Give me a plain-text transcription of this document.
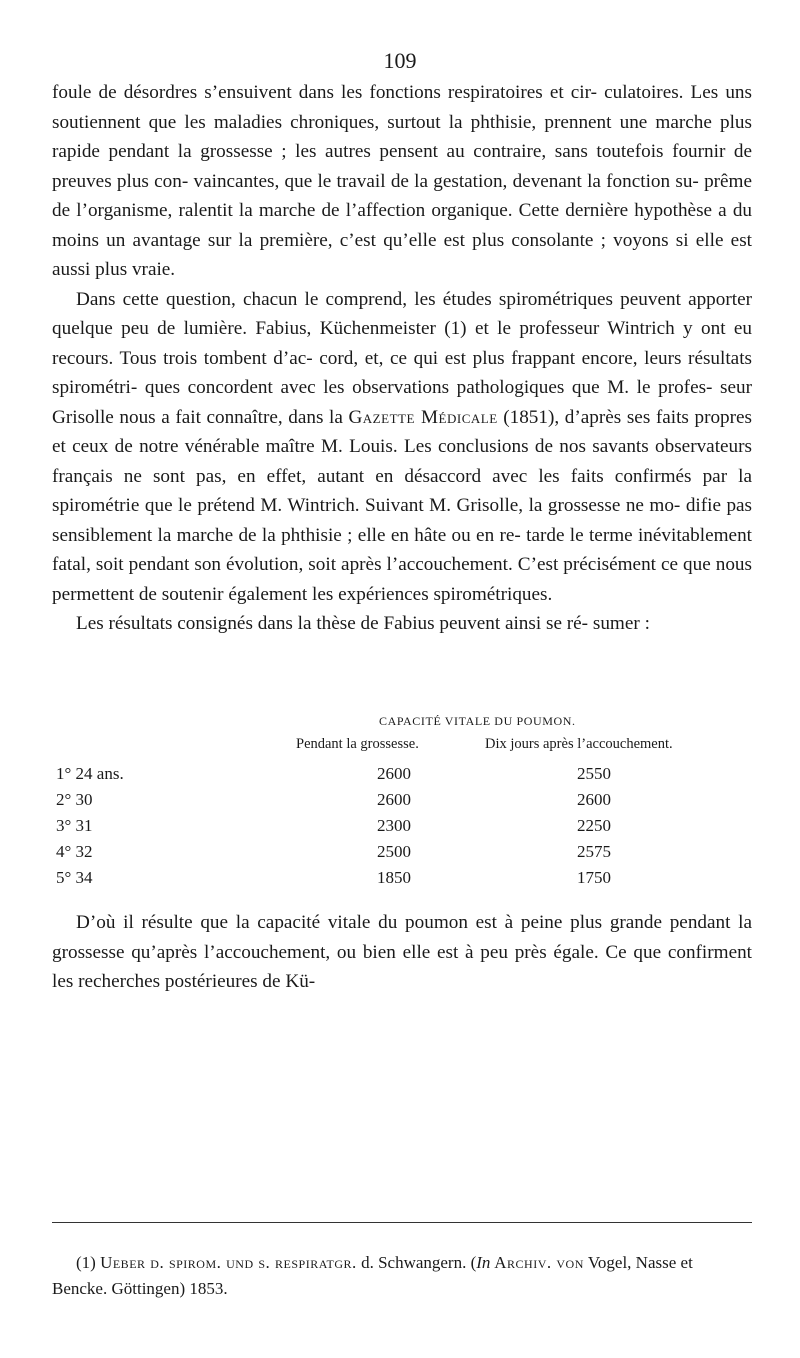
109

foule de désordres s’ensuivent dans les fonctions respiratoires et cir- culatoires. Les uns soutiennent que les maladies chroniques, surtout la phthisie, prennent une marche plus rapide pendant la grossesse ; les autres pensent au contraire, sans toutefois fournir de preuves plus con- vaincantes, que le travail de la gestation, devenant la fonction su- prême de l’organisme, ralentit la marche de l’affection organique. Cette dernière hypothèse a du moins un avantage sur la première, c’est qu’elle est plus consolante ; voyons si elle est aussi plus vraie.

Dans cette question, chacun le comprend, les études spirométriques peuvent apporter quelque peu de lumière. Fabius, Küchenmeister (1) et le professeur Wintrich y ont eu recours. Tous trois tombent d’ac- cord, et, ce qui est plus frappant encore, leurs résultats spirométri- ques concordent avec les observations pathologiques que M. le profes- seur Grisolle nous a fait connaître, dans la Gazette Médicale (1851), d’après ses faits propres et ceux de notre vénérable maître M. Louis. Les conclusions de nos savants observateurs français ne sont pas, en effet, autant en désaccord avec les faits confirmés par la spirométrie que le prétend M. Wintrich. Suivant M. Grisolle, la grossesse ne mo- difie pas sensiblement la marche de la phthisie ; elle en hâte ou en re- tarde le terme inévitablement fatal, soit pendant son évolution, soit après l’accouchement. C’est précisément ce que nous permettent de soutenir également les expériences spirométriques.

Les résultats consignés dans la thèse de Fabius peuvent ainsi se ré- sumer :

CAPACITÉ VITALE DU POUMON.
Pendant la grossesse.	Dix jours après l’accouchement.
1° 24 ans.	2600	2550
2° 30	2600	2600
3° 31	2300	2250
4° 32	2500	2575
5° 34	1850	1750

D’où il résulte que la capacité vitale du poumon est à peine plus grande pendant la grossesse qu’après l’accouchement, ou bien elle est à peu près égale. Ce que confirment les recherches postérieures de Kü-

(1) Ueber d. spirom. und s. respiratgr. d. Schwangern. (In Archiv. von Vogel, Nasse et Bencke. Göttingen) 1853.
